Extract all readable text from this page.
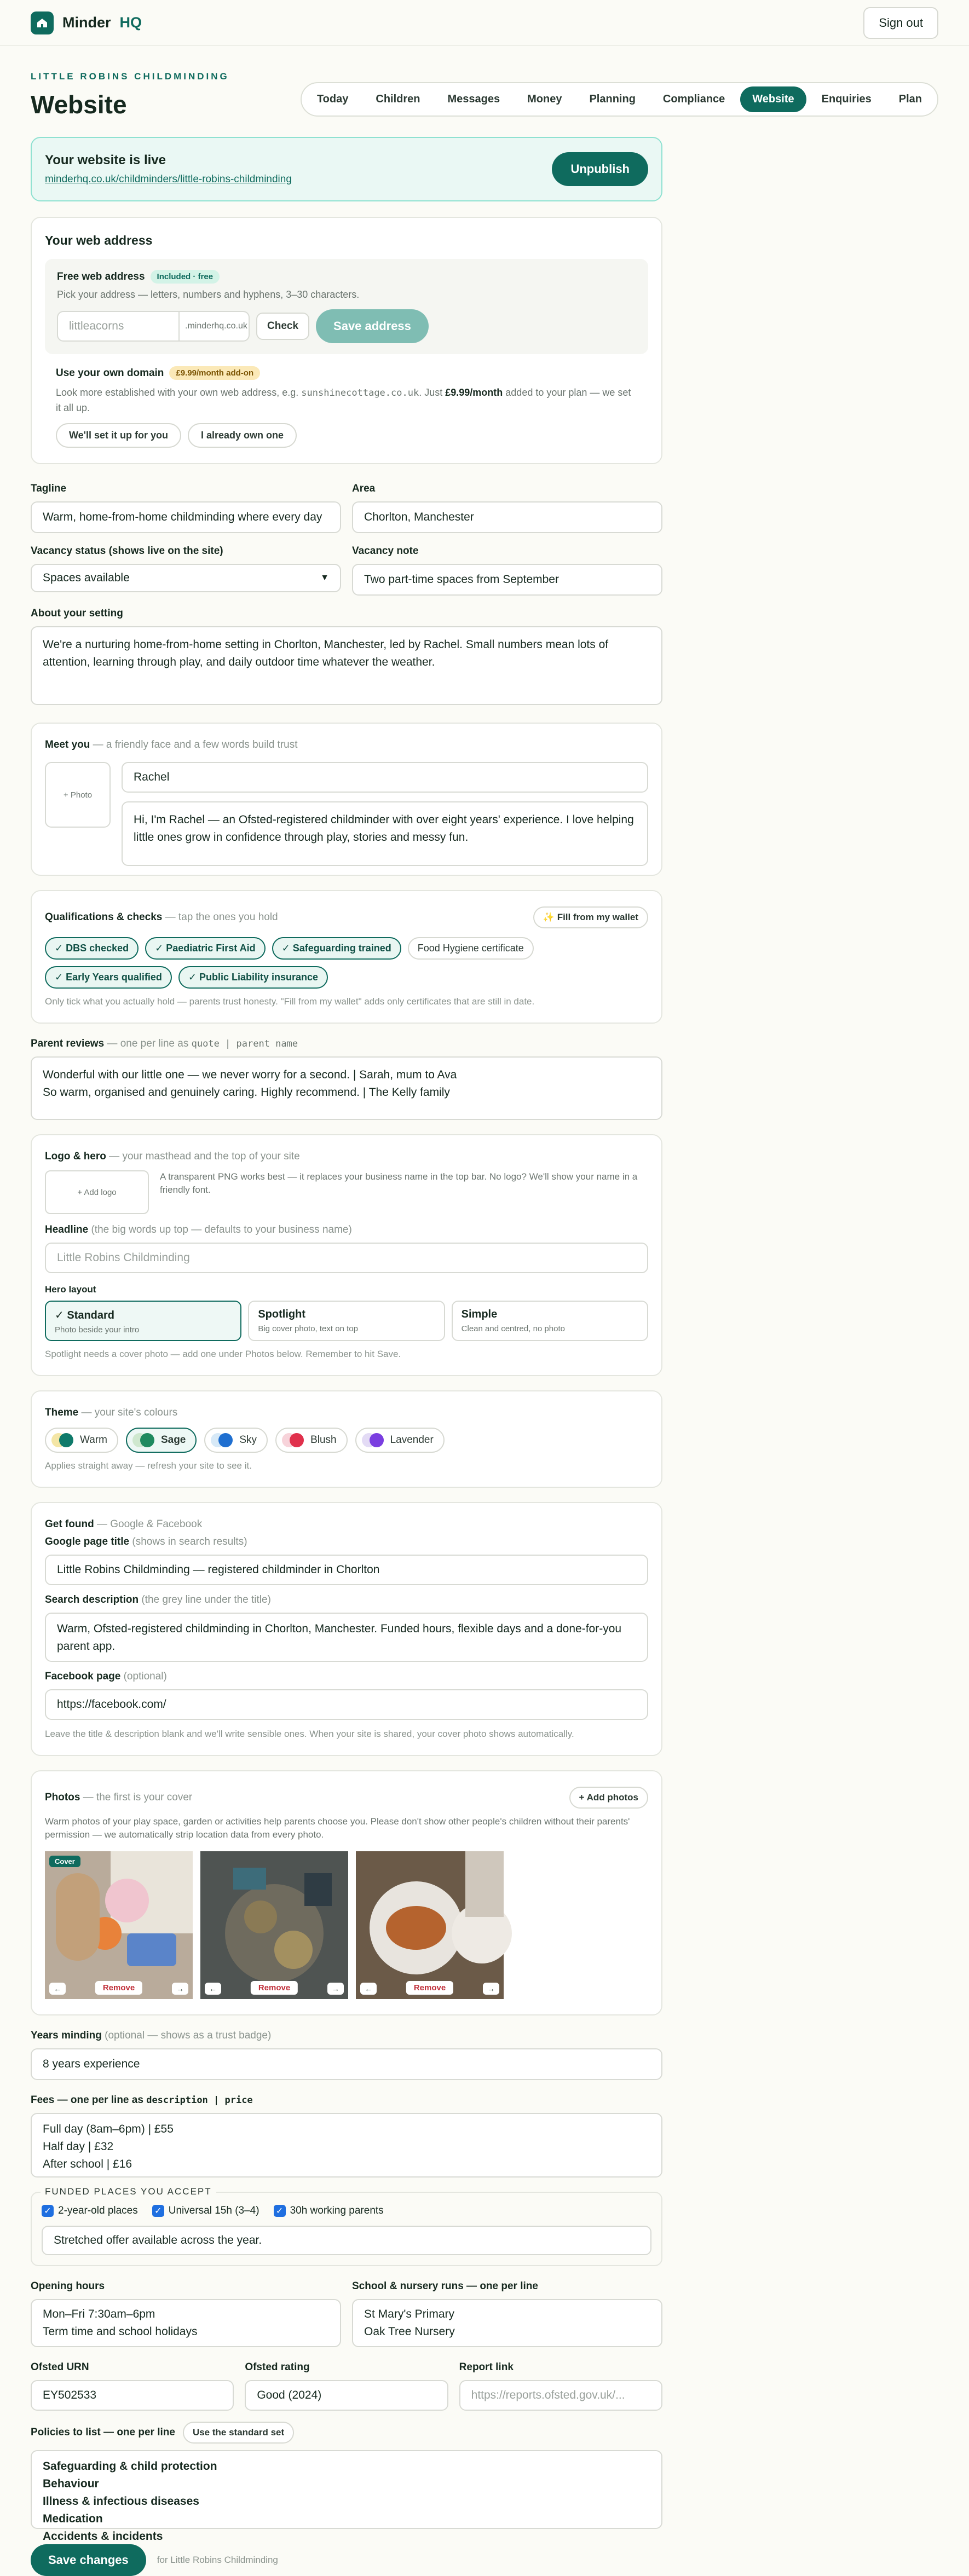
Minder HQ	Sign out
LITTLE ROBINS CHILDMINDING
Website	Today	Children	Messages	Money	Planning	Compliance	Website	Enquiries	Plan
Your website is live
minderhq.co.uk/childminders/little-robins-childminding
Unpublish
Your web address
Free web address	Included · free
Pick your address — letters, numbers and hyphens, 3–30 characters.
littleacorns	.minderhq.co.uk	Check	Save address
Use your own domain	£9.99/month add-on
Look more established with your own web address, e.g. sunshinecottage.co.uk. Just £9.99/month added to your plan — we set it all up.
We'll set it up for you	I already own one
Tagline
Warm, home-from-home childminding where every day
Area
Chorlton, Manchester
Vacancy status (shows live on the site)
Spaces available	▼
Vacancy note
Two part-time spaces from September
About your setting
We're a nurturing home-from-home setting in Chorlton, Manchester, led by Rachel. Small numbers mean lots of attention, learning through play, and daily outdoor time whatever the weather.
Meet you — a friendly face and a few words build trust
+ Photo
Rachel
Hi, I'm Rachel — an Ofsted-registered childminder with over eight years' experience. I love helping little ones grow in confidence through play, stories and messy fun.
Qualifications & checks — tap the ones you hold	✨ Fill from my wallet
✓ DBS checked	✓ Paediatric First Aid	✓ Safeguarding trained	Food Hygiene certificate
✓ Early Years qualified	✓ Public Liability insurance
Only tick what you actually hold — parents trust honesty. "Fill from my wallet" adds only certificates that are still in date.
Parent reviews — one per line as quote | parent name
Wonderful with our little one — we never worry for a second. | Sarah, mum to Ava
So warm, organised and genuinely caring. Highly recommend. | The Kelly family
Logo & hero — your masthead and the top of your site
+ Add logo
A transparent PNG works best — it replaces your business name in the top bar. No logo? We'll show your name in a friendly font.
Headline (the big words up top — defaults to your business name)
Little Robins Childminding
Hero layout
✓ Standard
Photo beside your intro
Spotlight
Big cover photo, text on top
Simple
Clean and centred, no photo
Spotlight needs a cover photo — add one under Photos below. Remember to hit Save.
Theme — your site's colours
Warm	Sage	Sky	Blush	Lavender
Applies straight away — refresh your site to see it.
Get found — Google & Facebook
Google page title (shows in search results)
Little Robins Childminding — registered childminder in Chorlton
Search description (the grey line under the title)
Warm, Ofsted-registered childminding in Chorlton, Manchester. Funded hours, flexible days and a done-for-you parent app.
Facebook page (optional)
https://facebook.com/
Leave the title & description blank and we'll write sensible ones. When your site is shared, your cover photo shows automatically.
Photos — the first is your cover	+ Add photos
Warm photos of your play space, garden or activities help parents choose you. Please don't show other people's children without their parents' permission — we automatically strip location data from every photo.
Cover
←	Remove	→	←	Remove	→	←	Remove	→
Years minding (optional — shows as a trust badge)
8 years experience
Fees — one per line as description | price
Full day (8am–6pm) | £55
Half day | £32
After school | £16
FUNDED PLACES YOU ACCEPT
✓ 2-year-old places ✓ Universal 15h (3–4) ✓ 30h working parents
Stretched offer available across the year.
Opening hours
Mon–Fri 7:30am–6pm
Term time and school holidays
School & nursery runs — one per line
St Mary's Primary
Oak Tree Nursery
Ofsted URN
EY502533
Ofsted rating
Good (2024)
Report link
https://reports.ofsted.gov.uk/...
Policies to list — one per line	Use the standard set
Safeguarding & child protection
Behaviour
Illness & infectious diseases
Medication
Accidents & incidents
Save changes	for Little Robins Childminding
